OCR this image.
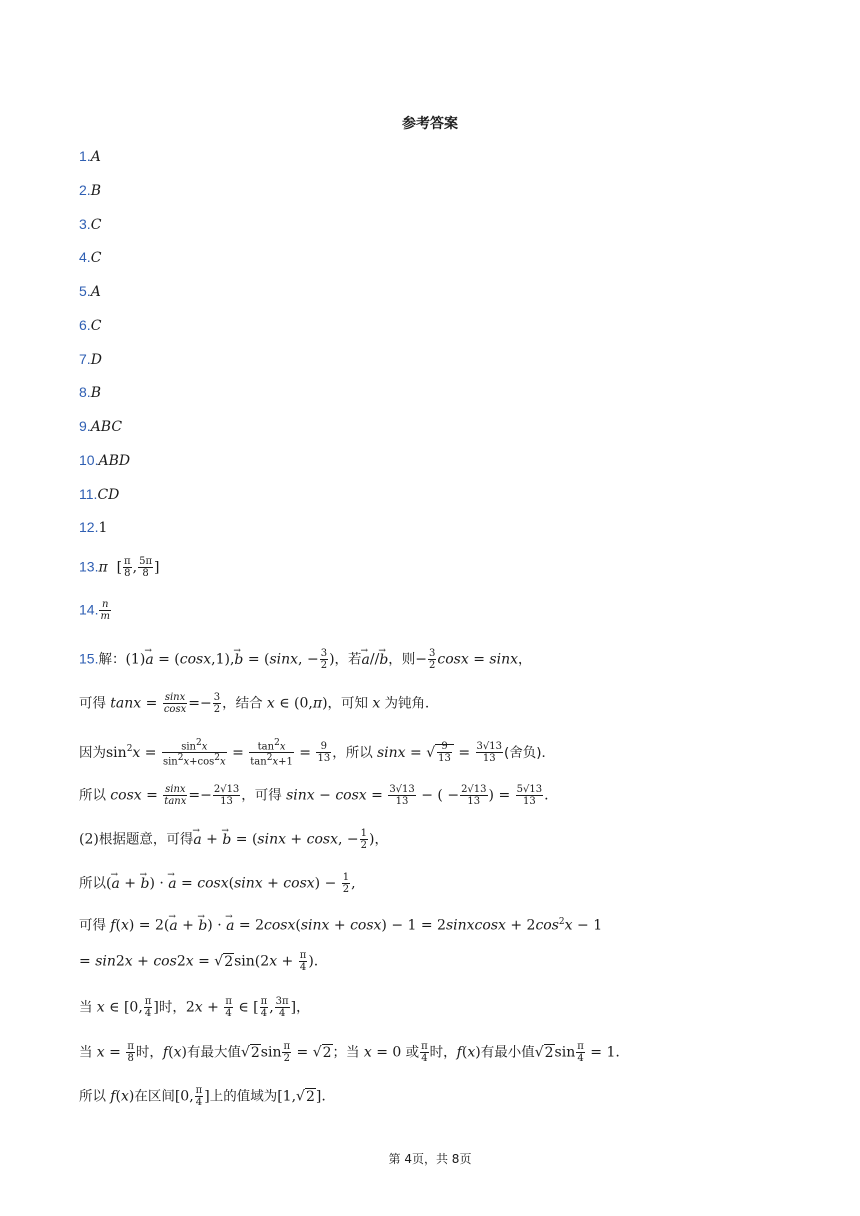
参考答案
1.A
2.B
3.C
4.C
5.A
6.C
7.D
8.B
9.ABC
10.ABD
11.CD
12.1
13.π  [ $\frac{\pi}{8}$ , $\frac{5\pi}{8}$ ]
14. $\frac{n}{m}$
15.解：(1)→ a = (cosx,1),→ b = (sinx, − $\frac{3}{2}$ )，若→ a//→ b，则− $\frac{3}{2}$ cosx = sinx，
可得 $\tan x = \frac{\sin x}{\cos x} =- \frac{3}{2}$ ，结合 x ∈ (0,π)，可知 x 为钝角．
因为$\sin^2x = \frac{\sin^2x}{\sin^2x+\cos^2x} = \frac{\tan^2x}{\tan^2x+1} = \frac{9}{13}$ ，所以 sinx = √ $\frac{9}{13} = \frac{3√13}{13}$ (舍负)．
所以 $\cos x = \frac{\sin x}{\tan x} =- \frac{2√13}{13}$ ，可得 $\sin x - \cos x = \frac{3√13}{13}$ − ( − $\frac{2√13}{13}$ ) = $\frac{5√13}{13}$ .
(2)根据题意，可得→ a + → b = (sinx + cosx, − $\frac{1}{2}$ )，
所以(→ a + → b) · → $a = \cos x(\sin x + \cos x) - \frac{1}{2}$ ,
可得 f(x) = 2(→ a + → b) · → a = 2cosx(sinx + cosx) − 1 = 2sinxcosx + $2\cos^2x - 1$
= $\sin 2x + \cos 2x = √2\sin(2x + \frac{\pi}{4}$ ).
当 x ∈ [0, $\frac{\pi}{4}$ ]时，$2x + \frac{\pi}{4}$ ∈ [ $\frac{\pi}{4}$ , $\frac{3\pi}{4}$ ]，
当 $x = \frac{\pi}{8}$ 时，f(x)有最大值$√2\sin \frac{\pi}{2} = √2$；当 x = 0 或 $\frac{\pi}{4}$ 时，f(x)有最小值$√2\sin \frac{\pi}{4} = 1$.
所以 f(x)在区间[0, $\frac{\pi}{4}$ ]上的值域为[1,√2].
第 4页，共 8页
